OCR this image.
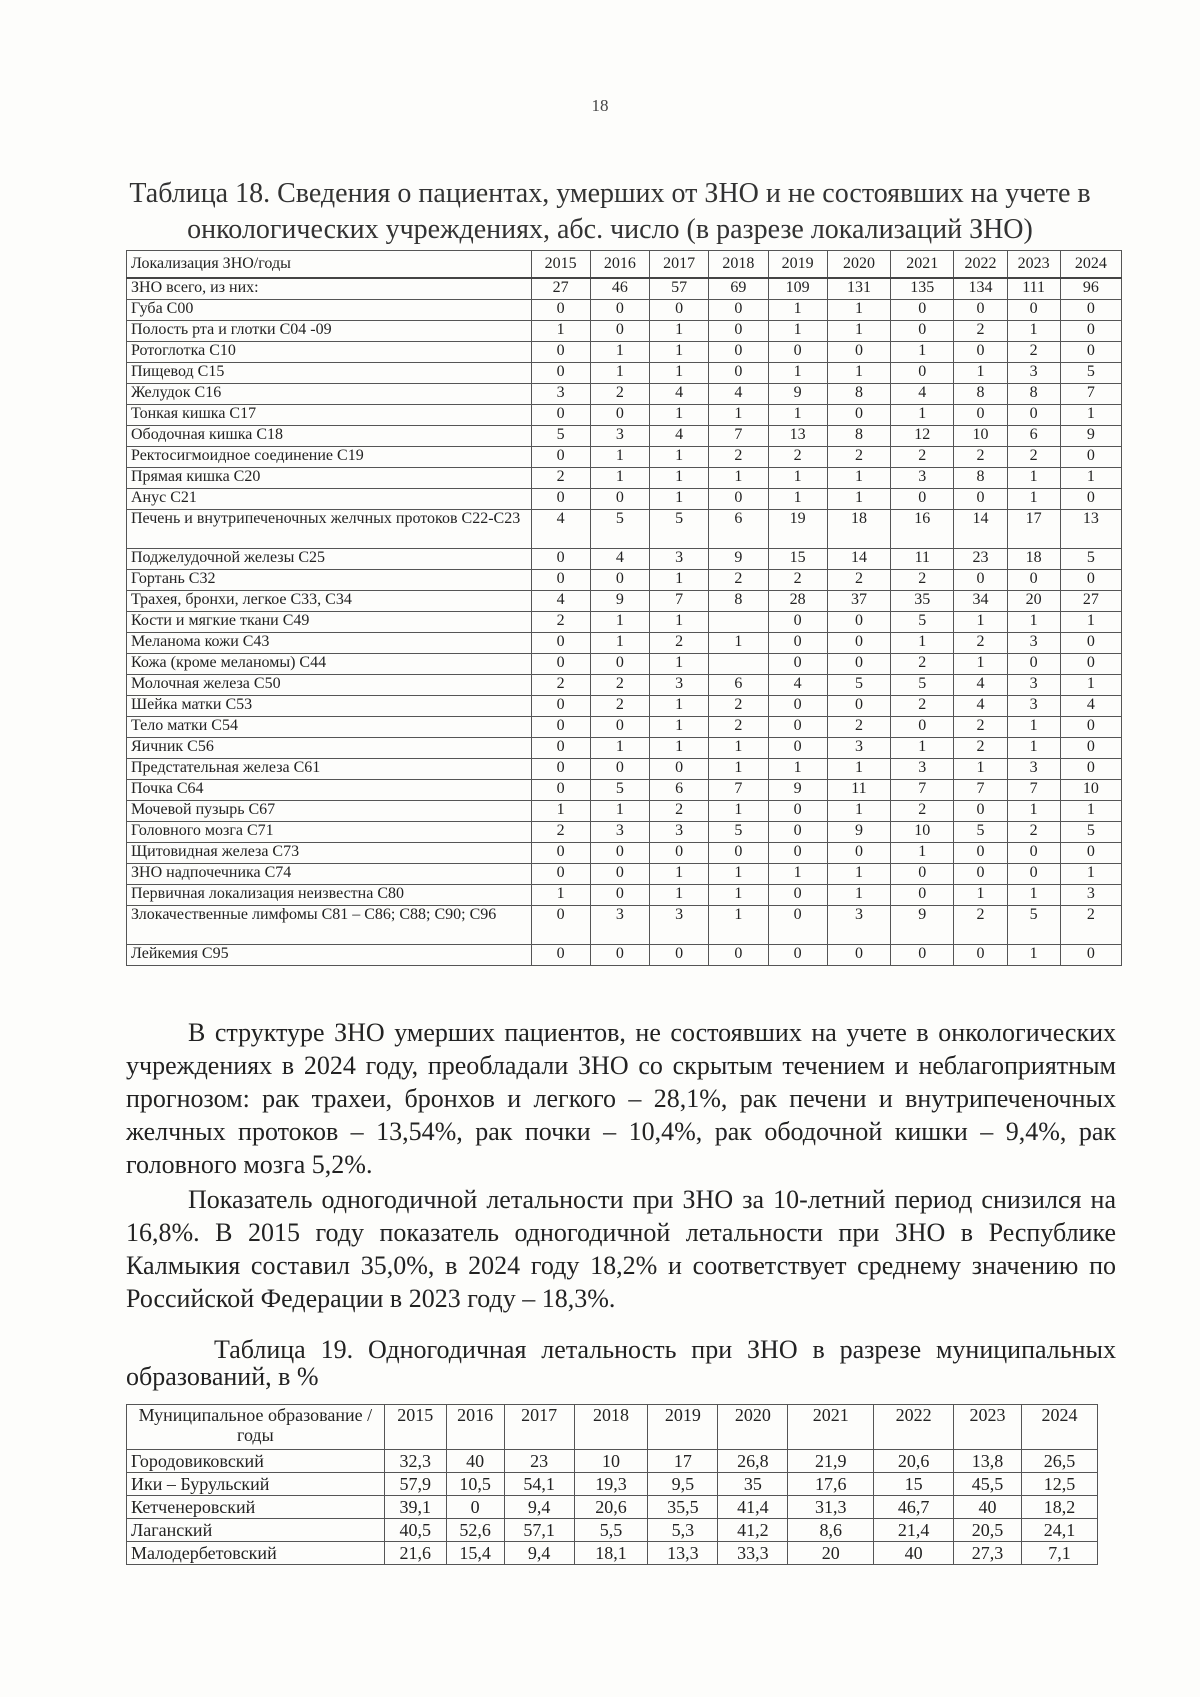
18
Таблица 18. Сведения о пациентах, умерших от ЗНО и не состоявших на учете в онкологических учреждениях, абс. число (в разрезе локализаций ЗНО)
Локализация ЗНО/годы	2015	2016	2017	2018	2019	2020	2021	2022	2023	2024
ЗНО всего, из них:	27	46	57	69	109	131	135	134	111	96
Губа С00	0	0	0	0	1	1	0	0	0	0
Полость рта и глотки С04 -09	1	0	1	0	1	1	0	2	1	0
Ротоглотка С10	0	1	1	0	0	0	1	0	2	0
Пищевод С15	0	1	1	0	1	1	0	1	3	5
Желудок С16	3	2	4	4	9	8	4	8	8	7
Тонкая кишка С17	0	0	1	1	1	0	1	0	0	1
Ободочная кишка С18	5	3	4	7	13	8	12	10	6	9
Ректосигмоидное соединение С19	0	1	1	2	2	2	2	2	2	0
Прямая кишка С20	2	1	1	1	1	1	3	8	1	1
Анус С21	0	0	1	0	1	1	0	0	1	0
Печень и внутрипеченочных желчных протоков С22-С23	4	5	5	6	19	18	16	14	17	13
Поджелудочной железы С25	0	4	3	9	15	14	11	23	18	5
Гортань С32	0	0	1	2	2	2	2	0	0	0
Трахея, бронхи, легкое С33, С34	4	9	7	8	28	37	35	34	20	27
Кости и мягкие ткани С49	2	1	1		0	0	5	1	1	1
Меланома кожи С43	0	1	2	1	0	0	1	2	3	0
Кожа (кроме меланомы) С44	0	0	1		0	0	2	1	0	0
Молочная железа С50	2	2	3	6	4	5	5	4	3	1
Шейка матки С53	0	2	1	2	0	0	2	4	3	4
Тело матки С54	0	0	1	2	0	2	0	2	1	0
Яичник С56	0	1	1	1	0	3	1	2	1	0
Предстательная железа С61	0	0	0	1	1	1	3	1	3	0
Почка С64	0	5	6	7	9	11	7	7	7	10
Мочевой пузырь С67	1	1	2	1	0	1	2	0	1	1
Головного мозга С71	2	3	3	5	0	9	10	5	2	5
Щитовидная железа С73	0	0	0	0	0	0	1	0	0	0
ЗНО надпочечника С74	0	0	1	1	1	1	0	0	0	1
Первичная локализация неизвестна С80	1	0	1	1	0	1	0	1	1	3
Злокачественные лимфомы С81 – С86; С88; С90; С96	0	3	3	1	0	3	9	2	5	2
Лейкемия С95	0	0	0	0	0	0	0	0	1	0

В структуре ЗНО умерших пациентов, не состоявших на учете в онкологических учреждениях в 2024 году, преобладали ЗНО со скрытым течением и неблагоприятным прогнозом: рак трахеи, бронхов и легкого – 28,1%, рак печени и внутрипеченочных желчных протоков – 13,54%, рак почки – 10,4%, рак ободочной кишки – 9,4%, рак головного мозга 5,2%.

Показатель одногодичной летальности при ЗНО за 10-летний период снизился на 16,8%. В 2015 году показатель одногодичной летальности при ЗНО в Республике Калмыкия составил 35,0%, в 2024 году 18,2% и соответствует среднему значению по Российской Федерации в 2023 году – 18,3%.

Таблица 19. Одногодичная летальность при ЗНО в разрезе муниципальных образований, в %

Муниципальное образование / годы	2015	2016	2017	2018	2019	2020	2021	2022	2023	2024
Городовиковский	32,3	40	23	10	17	26,8	21,9	20,6	13,8	26,5
Ики – Бурульский	57,9	10,5	54,1	19,3	9,5	35	17,6	15	45,5	12,5
Кетченеровский	39,1	0	9,4	20,6	35,5	41,4	31,3	46,7	40	18,2
Лаганский	40,5	52,6	57,1	5,5	5,3	41,2	8,6	21,4	20,5	24,1
Малодербетовский	21,6	15,4	9,4	18,1	13,3	33,3	20	40	27,3	7,1
